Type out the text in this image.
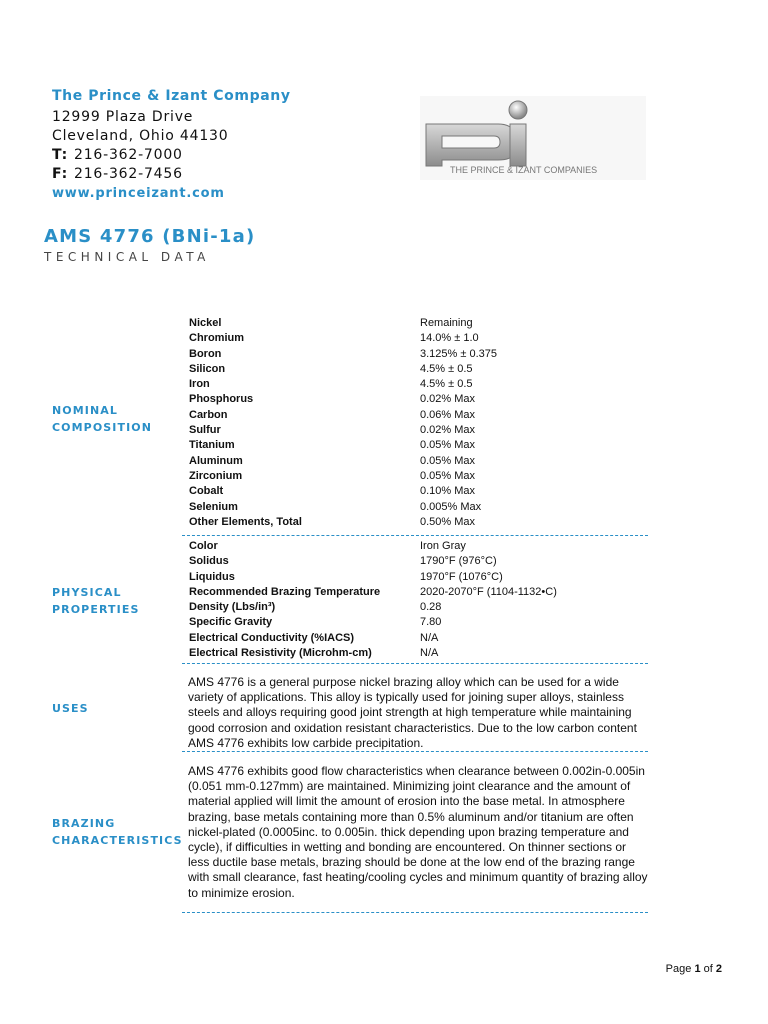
The Prince & Izant Company
12999 Plaza Drive
Cleveland, Ohio 44130
T: 216-362-7000
F: 216-362-7456
www.princeizant.com
THE PRINCE & IZANT COMPANIES
AMS 4776 (BNi-1a)
TECHNICAL DATA
NOMINAL
COMPOSITION
Nickel	Remaining
Chromium	14.0% ± 1.0
Boron	3.125% ± 0.375
Silicon	4.5% ± 0.5
Iron	4.5% ± 0.5
Phosphorus	0.02% Max
Carbon	0.06% Max
Sulfur	0.02% Max
Titanium	0.05% Max
Aluminum	0.05% Max
Zirconium	0.05% Max
Cobalt	0.10% Max
Selenium	0.005% Max
Other Elements, Total	0.50% Max
PHYSICAL
PROPERTIES
Color	Iron Gray
Solidus	1790°F (976°C)
Liquidus	1970°F (1076°C)
Recommended Brazing Temperature	2020-2070°F (1104-1132•C)
Density (Lbs/in³)	0.28
Specific Gravity	7.80
Electrical Conductivity (%IACS)	N/A
Electrical Resistivity (Microhm-cm)	N/A
USES
AMS 4776 is a general purpose nickel brazing alloy which can be used for a wide variety of applications. This alloy is typically used for joining super alloys, stainless steels and alloys requiring good joint strength at high temperature while maintaining good corrosion and oxidation resistant characteristics. Due to the low carbon content AMS 4776 exhibits low carbide precipitation.
BRAZING
CHARACTERISTICS
AMS 4776 exhibits good flow characteristics when clearance between 0.002in-0.005in (0.051 mm-0.127mm) are maintained. Minimizing joint clearance and the amount of material applied will limit the amount of erosion into the base metal. In atmosphere brazing, base metals containing more than 0.5% aluminum and/or titanium are often nickel-plated (0.0005inc. to 0.005in. thick depending upon brazing temperature and cycle), if difficulties in wetting and bonding are encountered. On thinner sections or less ductile base metals, brazing should be done at the low end of the brazing range with small clearance, fast heating/cooling cycles and minimum quantity of brazing alloy to minimize erosion.
Page 1 of 2
